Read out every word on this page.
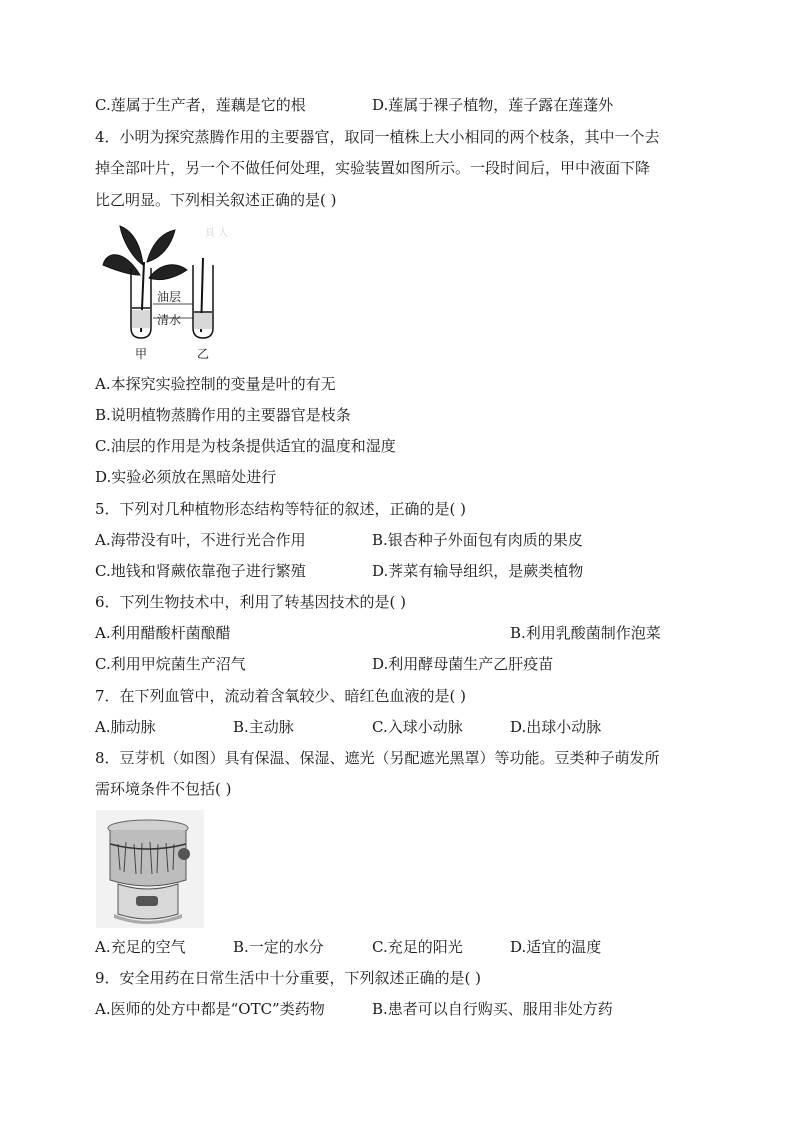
C.莲属于生产者，莲藕是它的根	D.莲属于裸子植物，莲子露在莲蓬外
4．小明为探究蒸腾作用的主要器官，取同一植株上大小相同的两个枝条，其中一个去
掉全部叶片，另一个不做任何处理，实验装置如图所示。一段时间后，甲中液面下降
比乙明显。下列相关叙述正确的是( )
具 人
油层
清水
甲	乙
A.本探究实验控制的变量是叶的有无
B.说明植物蒸腾作用的主要器官是枝条
C.油层的作用是为枝条提供适宜的温度和湿度
D.实验必须放在黑暗处进行
5．下列对几种植物形态结构等特征的叙述，正确的是( )
A.海带没有叶，不进行光合作用	B.银杏种子外面包有肉质的果皮
C.地钱和肾蕨依靠孢子进行繁殖	D.荠菜有输导组织，是蕨类植物
6．下列生物技术中，利用了转基因技术的是( )
A.利用醋酸杆菌酿醋	B.利用乳酸菌制作泡菜
C.利用甲烷菌生产沼气	D.利用酵母菌生产乙肝疫苗
7．在下列血管中，流动着含氧较少、暗红色血液的是( )
A.肺动脉	B.主动脉	C.入球小动脉	D.出球小动脉
8．豆芽机（如图）具有保温、保湿、遮光（另配遮光黑罩）等功能。豆类种子萌发所
需环境条件不包括( )
A.充足的空气	B.一定的水分	C.充足的阳光	D.适宜的温度
9．安全用药在日常生活中十分重要，下列叙述正确的是( )
A.医师的处方中都是“OTC”类药物	B.患者可以自行购买、服用非处方药
